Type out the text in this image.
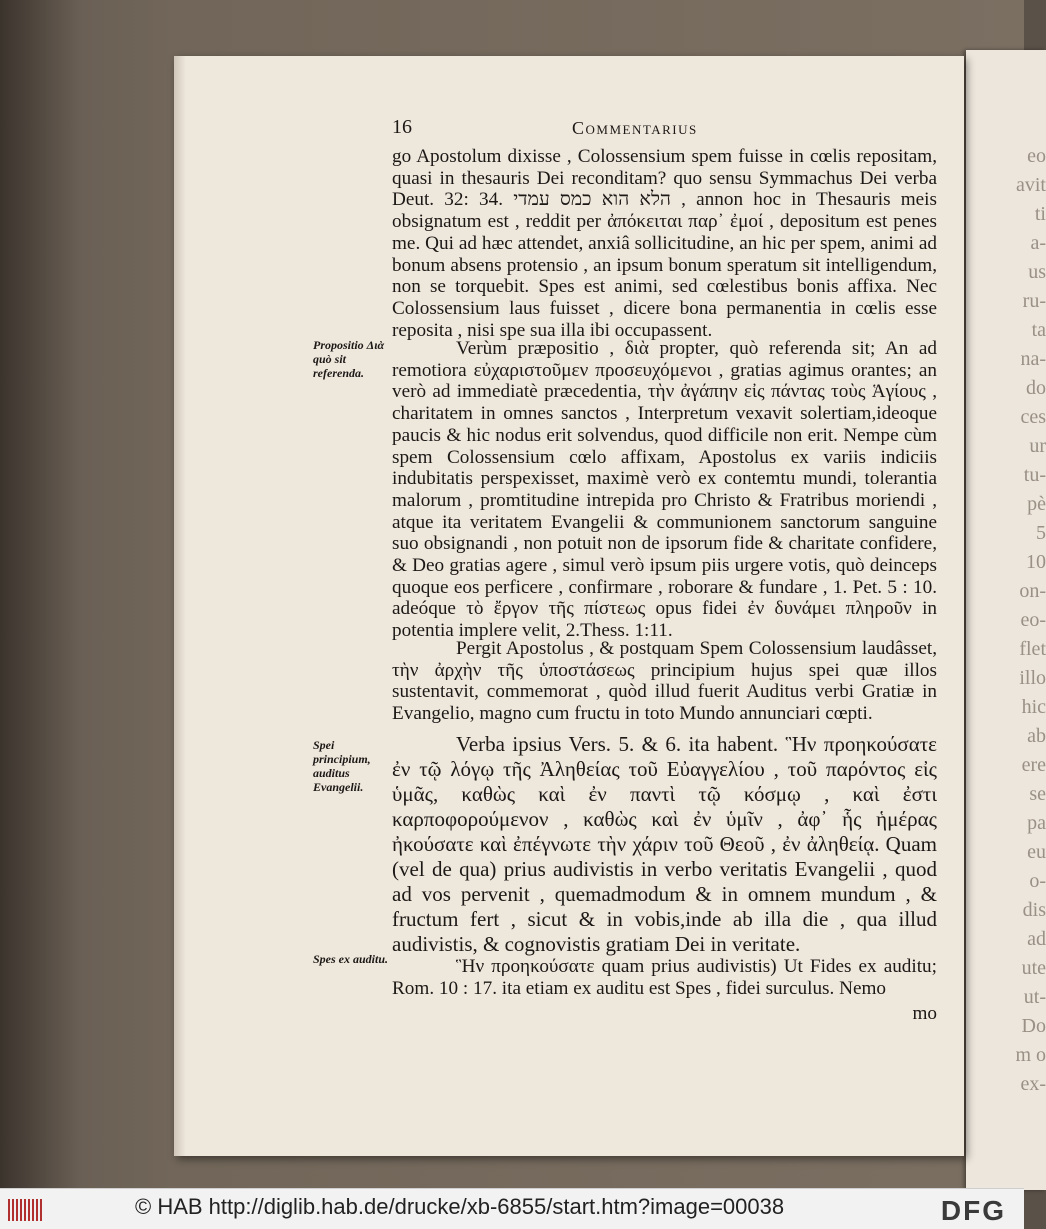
eo
avit
ti
a-
us
ru-
ta
na-
do
ces
ur
tu-
pè
5
10
on-
eo-
flet
illo
hic
ab
ere
se
pa
eu
o-
dis
ad
ute
ut-
Do
m o
ex-
16	Commentarius

go Apostolum dixisse , Colossensium spem fuisse in cœlis repositam, quasi in thesauris Dei reconditam? quo sensu Symmachus Dei verba Deut. 32: 34. הלא הוא כמס עמדי , annon hoc in Thesauris meis obsignatum est , reddit per ἀπόκειται παρ᾽ ἐμοί , depositum est penes me. Qui ad hæc attendet, anxiâ sollicitudine, an hic per spem, animi ad bonum absens protensio , an ipsum bonum speratum sit intelligendum, non se torquebit. Spes est animi, sed cœlestibus bonis affixa. Nec Colossensium laus fuisset , dicere bona permanentia in cœlis esse reposita , nisi spe sua illa ibi occupassent.

Propositio Διὰ quò sit referenda.

Verùm præpositio , διὰ propter, quò referenda sit; An ad remotiora εὐχαριστοῦμεν προσευχόμενοι , gratias agimus orantes; an verò ad immediatè præcedentia, τὴν ἀγάπην εἰς πάντας τοὺς Ἁγίους , charitatem in omnes sanctos , Interpretum vexavit solertiam,ideoque paucis & hic nodus erit solvendus, quod difficile non erit. Nempe cùm spem Colossensium cœlo affixam, Apostolus ex variis indiciis indubitatis perspexisset, maximè verò ex contemtu mundi, tolerantia malorum , promtitudine intrepida pro Christo & Fratribus moriendi , atque ita veritatem Evangelii & communionem sanctorum sanguine suo obsignandi , non potuit non de ipsorum fide & charitate confidere, & Deo gratias agere , simul verò ipsum piis urgere votis, quò deinceps quoque eos perficere , confirmare , roborare & fundare , 1. Pet. 5 : 10. adeóque τὸ ἔργον τῆς πίστεως opus fidei ἐν δυνάμει πληροῦν in potentia implere velit, 2.Thess. 1:11.

Pergit Apostolus , & postquam Spem Colossensium laudâsset, τὴν ἀρχὴν τῆς ὑποστάσεως principium hujus spei quæ illos sustentavit, commemorat , quòd illud fuerit Auditus verbi Gratiæ in Evangelio, magno cum fructu in toto Mundo annunciari cœpti.

Spei principium, auditus Evangelii.

Verba ipsius Vers. 5. & 6. ita habent. Ἣν προηκούσατε ἐν τῷ λόγῳ τῆς Ἀληθείας τοῦ Εὐαγγελίου , τοῦ παρόντος εἰς ὑμᾶς, καθὼς καὶ ἐν παντὶ τῷ κόσμῳ , καὶ ἐστι καρποφορούμενον , καθὼς καὶ ἐν ὑμῖν , ἀφ᾽ ἧς ἡμέρας ἠκούσατε καὶ ἐπέγνωτε τὴν χάριν τοῦ Θεοῦ , ἐν ἀληθείᾳ. Quam (vel de qua) prius audivistis in verbo veritatis Evangelii , quod ad vos pervenit , quemadmodum & in omnem mundum , & fructum fert , sicut & in vobis,inde ab illa die , qua illud audivistis, & cognovistis gratiam Dei in veritate.

Spes ex auditu.	Ἣν προηκούσατε quam prius audivistis) Ut Fides ex auditu; Rom. 10 : 17. ita etiam ex auditu est Spes , fidei surculus. Nemo

mo
© HAB http://diglib.hab.de/drucke/xb-6855/start.htm?image=00038	DFG
